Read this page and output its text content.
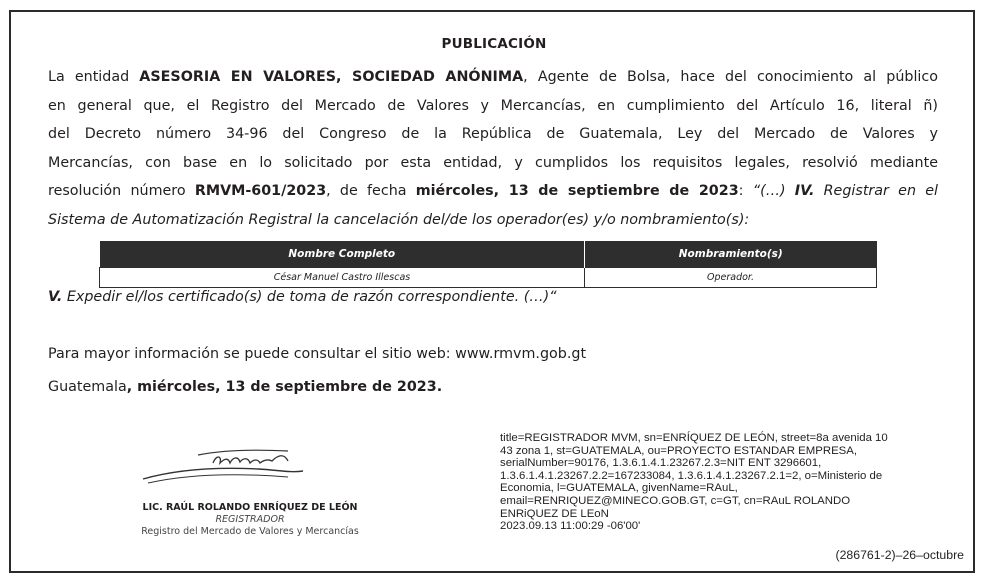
PUBLICACIÓN
La entidad ASESORIA EN VALORES, SOCIEDAD ANÓNIMA, Agente de Bolsa, hace del conocimiento al público
en general que, el Registro del Mercado de Valores y Mercancías, en cumplimiento del Artículo 16, literal ñ)
del Decreto número 34-96 del Congreso de la República de Guatemala, Ley del Mercado de Valores y
Mercancías, con base en lo solicitado por esta entidad, y cumplidos los requisitos legales, resolvió mediante
resolución número RMVM-601/2023, de fecha miércoles, 13 de septiembre de 2023: “(…) IV. Registrar en el
Sistema de Automatización Registral la cancelación del/de los operador(es) y/o nombramiento(s):
Nombre Completo	Nombramiento(s)
César Manuel Castro Illescas	Operador.
V. Expedir el/los certificado(s) de toma de razón correspondiente. (…)“
Para mayor información se puede consultar el sitio web: www.rmvm.gob.gt
Guatemala, miércoles, 13 de septiembre de 2023.
LIC. RAÚL ROLANDO ENRÍQUEZ DE LEÓN
REGISTRADOR
Registro del Mercado de Valores y Mercancías
title=REGISTRADOR MVM, sn=ENRÍQUEZ DE LEÓN, street=8a avenida 10
43 zona 1, st=GUATEMALA, ou=PROYECTO ESTANDAR EMPRESA,
serialNumber=90176, 1.3.6.1.4.1.23267.2.3=NIT ENT 3296601,
1.3.6.1.4.1.23267.2.2=167233084, 1.3.6.1.4.1.23267.2.1=2, o=Ministerio de
Economia, l=GUATEMALA, givenName=RAuL,
email=RENRIQUEZ@MINECO.GOB.GT, c=GT, cn=RAuL ROLANDO
ENRiQUEZ DE LEoN
2023.09.13 11:00:29 -06'00'
(286761-2)–26–octubre
